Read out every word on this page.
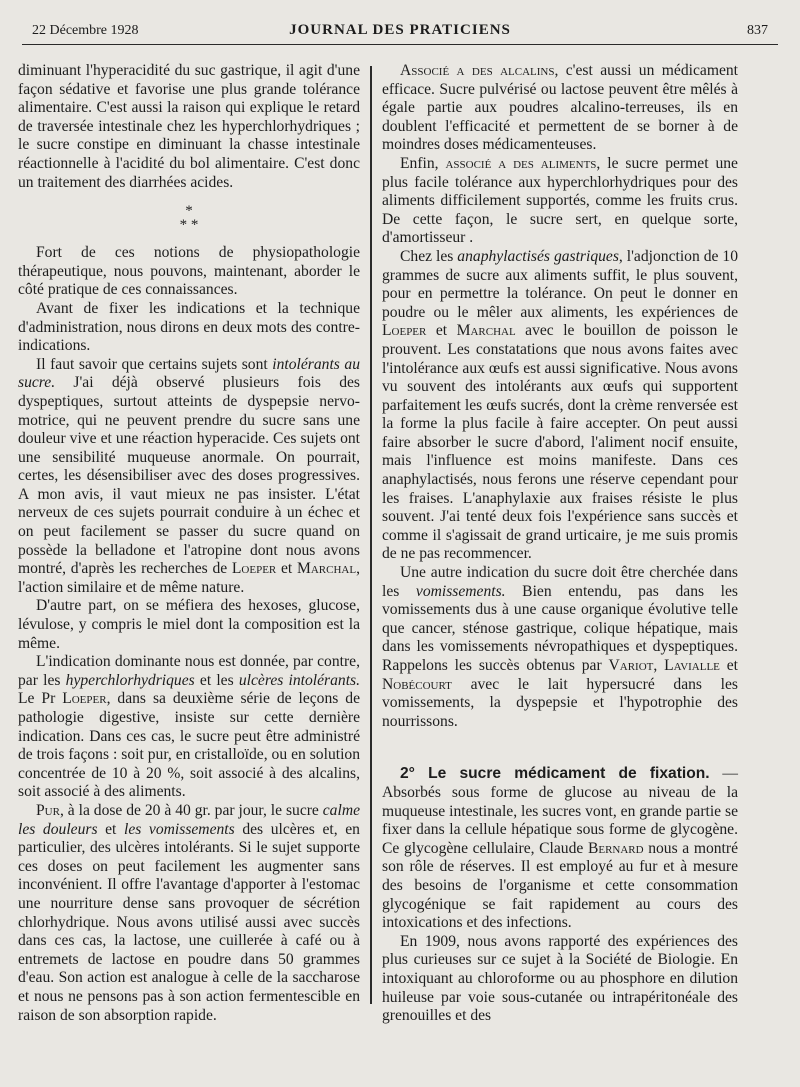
22 Décembre 1928	JOURNAL DES PRATICIENS	837

diminuant l'hyperacidité du suc gastrique, il agit d'une façon sédative et favorise une plus grande tolérance alimentaire. C'est aussi la raison qui explique le retard de traversée intestinale chez les hyperchlorhydriques ; le sucre constipe en diminuant la chasse intestinale réactionnelle à l'acidité du bol alimentaire. C'est donc un traitement des diarrhées acides.

*
* *

Fort de ces notions de physiopathologie thérapeutique, nous pouvons, maintenant, aborder le côté pratique de ces connaissances.

Avant de fixer les indications et la technique d'administration, nous dirons en deux mots des contre-indications.

Il faut savoir que certains sujets sont intolérants au sucre. J'ai déjà observé plusieurs fois des dyspeptiques, surtout atteints de dyspepsie nervo-motrice, qui ne peuvent prendre du sucre sans une douleur vive et une réaction hyperacide. Ces sujets ont une sensibilité muqueuse anormale. On pourrait, certes, les désensibiliser avec des doses progressives. A mon avis, il vaut mieux ne pas insister. L'état nerveux de ces sujets pourrait conduire à un échec et on peut facilement se passer du sucre quand on possède la belladone et l'atropine dont nous avons montré, d'après les recherches de Loeper et Marchal, l'action similaire et de même nature.

D'autre part, on se méfiera des hexoses, glucose, lévulose, y compris le miel dont la composition est la même.

L'indication dominante nous est donnée, par contre, par les hyperchlorhydriques et les ulcères intolérants. Le Pr Loeper, dans sa deuxième série de leçons de pathologie digestive, insiste sur cette dernière indication. Dans ces cas, le sucre peut être administré de trois façons : soit pur, en cristalloïde, ou en solution concentrée de 10 à 20 %, soit associé à des alcalins, soit associé à des aliments.

Pur, à la dose de 20 à 40 gr. par jour, le sucre calme les douleurs et les vomissements des ulcères et, en particulier, des ulcères intolérants. Si le sujet supporte ces doses on peut facilement les augmenter sans inconvénient. Il offre l'avantage d'apporter à l'estomac une nourriture dense sans provoquer de sécrétion chlorhydrique. Nous avons utilisé aussi avec succès dans ces cas, la lactose, une cuillerée à café ou à entremets de lactose en poudre dans 50 grammes d'eau. Son action est analogue à celle de la saccharose et nous ne pensons pas à son action fermentescible en raison de son absorption rapide.

Associé a des alcalins, c'est aussi un médicament efficace. Sucre pulvérisé ou lactose peuvent être mêlés à égale partie aux poudres alcalino-terreuses, ils en doublent l'efficacité et permettent de se borner à de moindres doses médicamenteuses.

Enfin, associé a des aliments, le sucre permet une plus facile tolérance aux hyperchlorhydriques pour des aliments difficilement supportés, comme les fruits crus. De cette façon, le sucre sert, en quelque sorte, d'amortisseur .

Chez les anaphylactisés gastriques, l'adjonction de 10 grammes de sucre aux aliments suffit, le plus souvent, pour en permettre la tolérance. On peut le donner en poudre ou le mêler aux aliments, les expériences de Loeper et Marchal avec le bouillon de poisson le prouvent. Les constatations que nous avons faites avec l'intolérance aux œufs est aussi significative. Nous avons vu souvent des intolérants aux œufs qui supportent parfaitement les œufs sucrés, dont la crème renversée est la forme la plus facile à faire accepter. On peut aussi faire absorber le sucre d'abord, l'aliment nocif ensuite, mais l'influence est moins manifeste. Dans ces anaphylactisés, nous ferons une réserve cependant pour les fraises. L'anaphylaxie aux fraises résiste le plus souvent. J'ai tenté deux fois l'expérience sans succès et comme il s'agissait de grand urticaire, je me suis promis de ne pas recommencer.

Une autre indication du sucre doit être cherchée dans les vomissements. Bien entendu, pas dans les vomissements dus à une cause organique évolutive telle que cancer, sténose gastrique, colique hépatique, mais dans les vomissements névropathiques et dyspeptiques. Rappelons les succès obtenus par Variot, Lavialle et Nobécourt avec le lait hypersucré dans les vomissements, la dyspepsie et l'hypotrophie des nourrissons.

2° Le sucre médicament de fixation. — Absorbés sous forme de glucose au niveau de la muqueuse intestinale, les sucres vont, en grande partie se fixer dans la cellule hépatique sous forme de glycogène. Ce glycogène cellulaire, Claude Bernard nous a montré son rôle de réserves. Il est employé au fur et à mesure des besoins de l'organisme et cette consommation glycogénique se fait rapidement au cours des intoxications et des infections.

En 1909, nous avons rapporté des expériences des plus curieuses sur ce sujet à la Société de Biologie. En intoxiquant au chloroforme ou au phosphore en dilution huileuse par voie sous-cutanée ou intrapéritonéale des grenouilles et des
